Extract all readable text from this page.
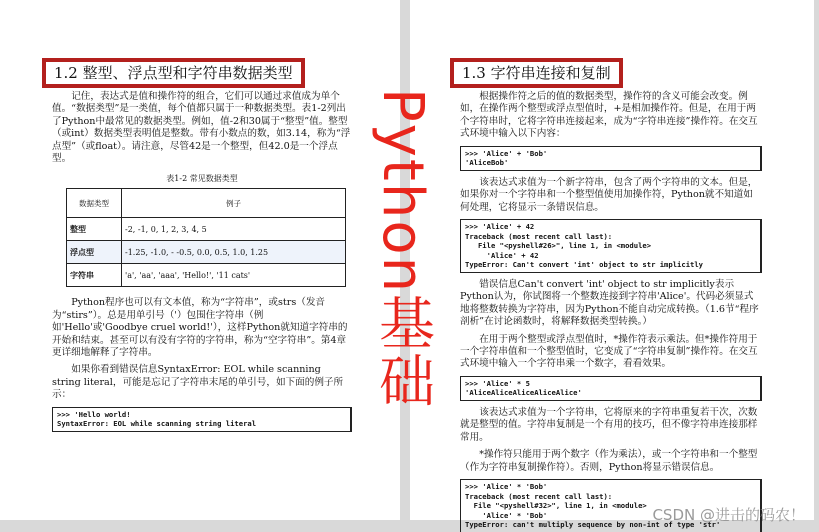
1.2 整型、浮点型和字符串数据类型

记住，表达式是值和操作符的组合，它们可以通过求值成为单个值。“数据类型”是一类值，每个值都只属于一种数据类型。表1-2列出了Python中最常见的数据类型。例如，值-2和30属于“整型”值。整型（或int）数据类型表明值是整数。带有小数点的数，如3.14，称为“浮点型”（或float）。请注意，尽管42是一个整型，但42.0是一个浮点型。

表1-2 常见数据类型
数据类型	例子
整型	-2, -1, 0, 1, 2, 3, 4, 5
浮点型	-1.25, -1.0, - -0.5, 0.0, 0.5, 1.0, 1.25
字符串	'a', 'aa', 'aaa', 'Hello!', '11 cats'

Python程序也可以有文本值，称为“字符串”，或strs（发音为“stirs”）。总是用单引号（'）包围住字符串（例如'Hello'或'Goodbye cruel world!'），这样Python就知道字符串的开始和结束。甚至可以有没有字符的字符串，称为“空字符串”。第4章更详细地解释了字符串。

如果你看到错误信息SyntaxError: EOL while scanning string literal，可能是忘记了字符串末尾的单引号，如下面的例子所示：

>>> 'Hello world!
SyntaxError: EOL while scanning string literal
1.3 字符串连接和复制

根据操作符之后的值的数据类型，操作符的含义可能会改变。例如，在操作两个整型或浮点型值时，+是相加操作符。但是，在用于两个字符串时，它将字符串连接起来，成为“字符串连接”操作符。在交互式环境中输入以下内容：

>>> 'Alice' + 'Bob'
'AliceBob'

该表达式求值为一个新字符串，包含了两个字符串的文本。但是，如果你对一个字符串和一个整型值使用加操作符，Python就不知道如何处理，它将显示一条错误信息。

>>> 'Alice' + 42
Traceback (most recent call last):
File "<pyshell#26>", line 1, in <module>
'Alice' + 42
TypeError: Can't convert 'int' object to str implicitly

错误信息Can't convert 'int' object to str implicitly表示Python认为，你试图将一个整数连接到字符串'Alice'。代码必须显式地将整数转换为字符串，因为Python不能自动完成转换。（1.6节“程序剖析”在讨论函数时，将解释数据类型转换。）

在用于两个整型或浮点型值时，*操作符表示乘法。但*操作符用于一个字符串值和一个整型值时，它变成了“字符串复制”操作符。在交互式环境中输入一个字符串乘一个数字，看看效果。

>>> 'Alice' * 5
'AliceAliceAliceAliceAlice'

该表达式求值为一个字符串，它将原来的字符串重复若干次，次数就是整型的值。字符串复制是一个有用的技巧，但不像字符串连接那样常用。

*操作符只能用于两个数字（作为乘法），或一个字符串和一个整型（作为字符串复制操作符）。否则，Python将显示错误信息。

>>> 'Alice' * 'Bob'
Traceback (most recent call last):
File "<pyshell#32>", line 1, in <module>
'Alice' * 'Bob'
TypeError: can't multiply sequence by non-int of type 'str'
Python基础
CSDN @进击的码农！
